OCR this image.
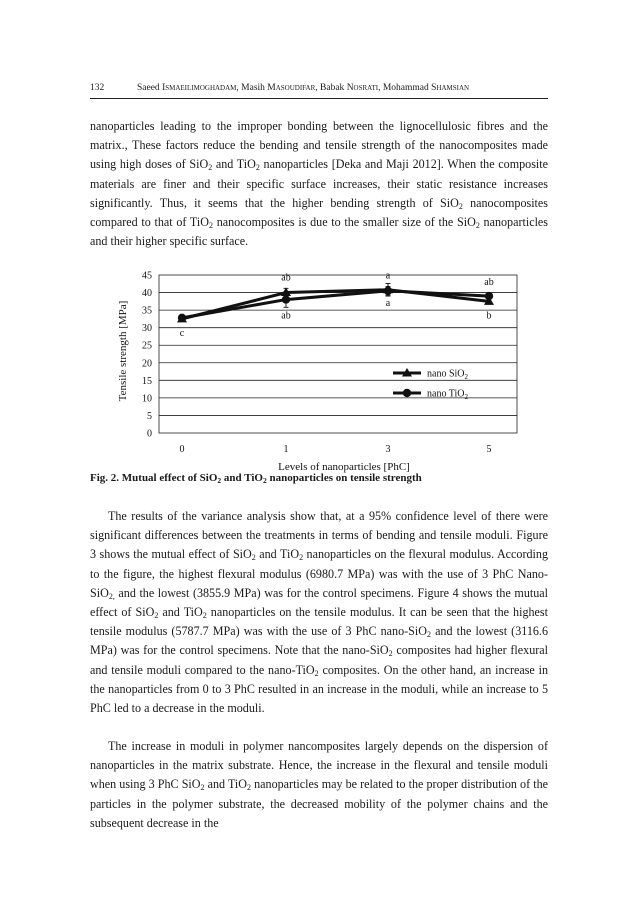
132	Saeed Ismaeilimoghadam, Masih Masoudifar, Babak Nosrati, Mohammad Shamsian

nanoparticles leading to the improper bonding between the lignocellulosic fibres and the matrix., These factors reduce the bending and tensile strength of the nanocomposites made using high doses of SiO$_2$ and TiO$_2$ nanoparticles [Deka and Maji 2012]. When the composite materials are finer and their specific surface increases, their static resistance increases significantly. Thus, it seems that the higher bending strength of SiO$_2$ nanocomposites compared to that of TiO$_2$ nanocomposites is due to the smaller size of the SiO$_2$ nanoparticles and their higher specific surface.

0
5
10
15
20
25
30
35
40
45
0	1	3	5
Levels of nanoparticles [PhC]
Tensile strength [MPa]	c
ab
ab
a
a
ab
b
nano SiO$_2$
nano TiO$_2$
Fig. 2. Mutual effect of SiO$_2$ and TiO$_2$ nanoparticles on tensile strength

The results of the variance analysis show that, at a 95% confidence level of there were significant differences between the treatments in terms of bending and tensile moduli. Figure 3 shows the mutual effect of SiO$_2$ and TiO$_2$ nanoparticles on the flexural modulus. According to the figure, the highest flexural modulus (6980.7 MPa) was with the use of 3 PhC Nano-SiO$_{2,}$ and the lowest (3855.9 MPa) was for the control specimens. Figure 4 shows the mutual effect of SiO$_2$ and TiO$_2$ nanoparticles on the tensile modulus. It can be seen that the highest tensile modulus (5787.7 MPa) was with the use of 3 PhC nano-SiO$_2$ and the lowest (3116.6 MPa) was for the control specimens. Note that the nano-SiO$_2$ composites had higher flexural and tensile moduli compared to the nano-TiO$_2$ composites. On the other hand, an increase in the nanoparticles from 0 to 3 PhC resulted in an increase in the moduli, while an increase to 5 PhC led to a decrease in the moduli.

The increase in moduli in polymer nancomposites largely depends on the dispersion of nanoparticles in the matrix substrate. Hence, the increase in the flexural and tensile moduli when using 3 PhC SiO$_2$ and TiO$_2$ nanoparticles may be related to the proper distribution of the particles in the polymer substrate, the decreased mobility of the polymer chains and the subsequent decrease in the
